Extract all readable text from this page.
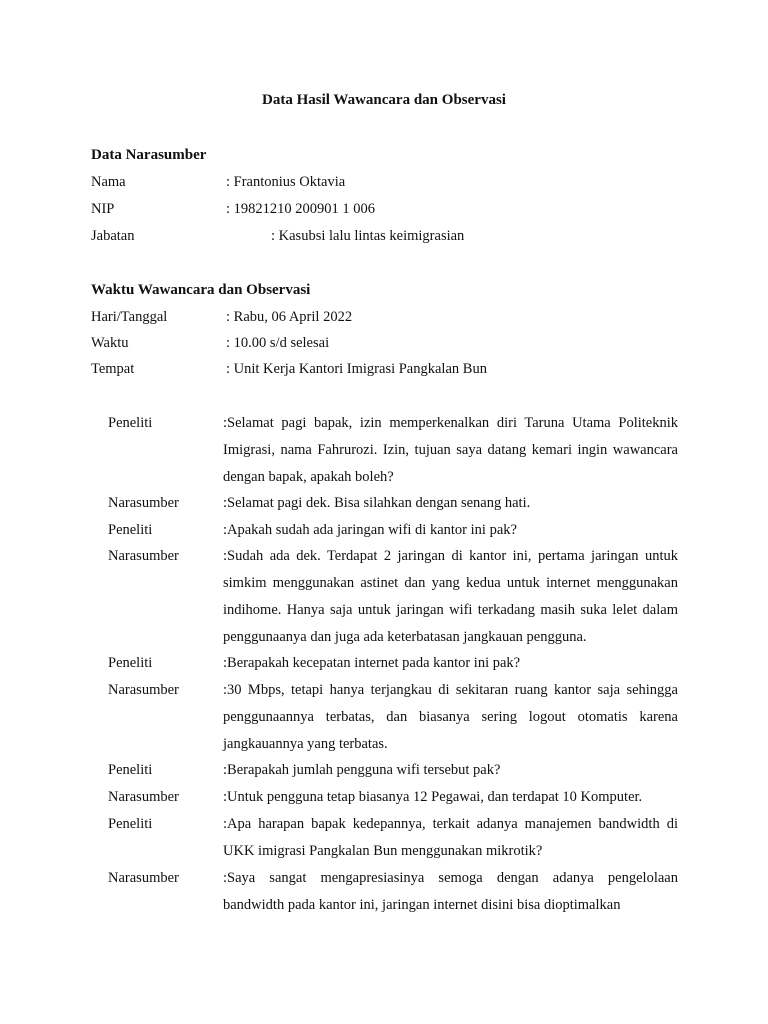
Data Hasil Wawancara dan Observasi
Data Narasumber
Nama	: Frantonius Oktavia
NIP	: 19821210 200901 1 006
Jabatan	: Kasubsi lalu lintas keimigrasian
Waktu Wawancara dan Observasi
Hari/Tanggal	: Rabu, 06 April 2022
Waktu	: 10.00 s/d selesai
Tempat	: Unit Kerja Kantori Imigrasi Pangkalan Bun
Peneliti	:Selamat pagi bapak, izin memperkenalkan diri Taruna Utama Politeknik Imigrasi, nama Fahrurozi. Izin, tujuan saya datang kemari ingin wawancara dengan bapak, apakah boleh?
Narasumber	:Selamat pagi dek. Bisa silahkan dengan senang hati.
Peneliti	:Apakah sudah ada jaringan wifi di kantor ini pak?
Narasumber	:Sudah ada dek. Terdapat 2 jaringan di kantor ini, pertama jaringan untuk simkim menggunakan astinet dan yang kedua untuk internet menggunakan indihome. Hanya saja untuk jaringan wifi terkadang masih suka lelet dalam penggunaanya dan juga ada keterbatasan jangkauan pengguna.
Peneliti	:Berapakah kecepatan internet pada kantor ini pak?
Narasumber	:30 Mbps, tetapi hanya terjangkau di sekitaran ruang kantor saja sehingga penggunaannya terbatas, dan biasanya sering logout otomatis karena jangkauannya yang terbatas.
Peneliti	:Berapakah jumlah pengguna wifi tersebut pak?
Narasumber	:Untuk pengguna tetap biasanya 12 Pegawai, dan terdapat 10 Komputer.
Peneliti	:Apa harapan bapak kedepannya, terkait adanya manajemen bandwidth di UKK imigrasi Pangkalan Bun menggunakan mikrotik?
Narasumber	:Saya sangat mengapresiasinya semoga dengan adanya pengelolaan bandwidth pada kantor ini, jaringan internet disini bisa dioptimalkan
